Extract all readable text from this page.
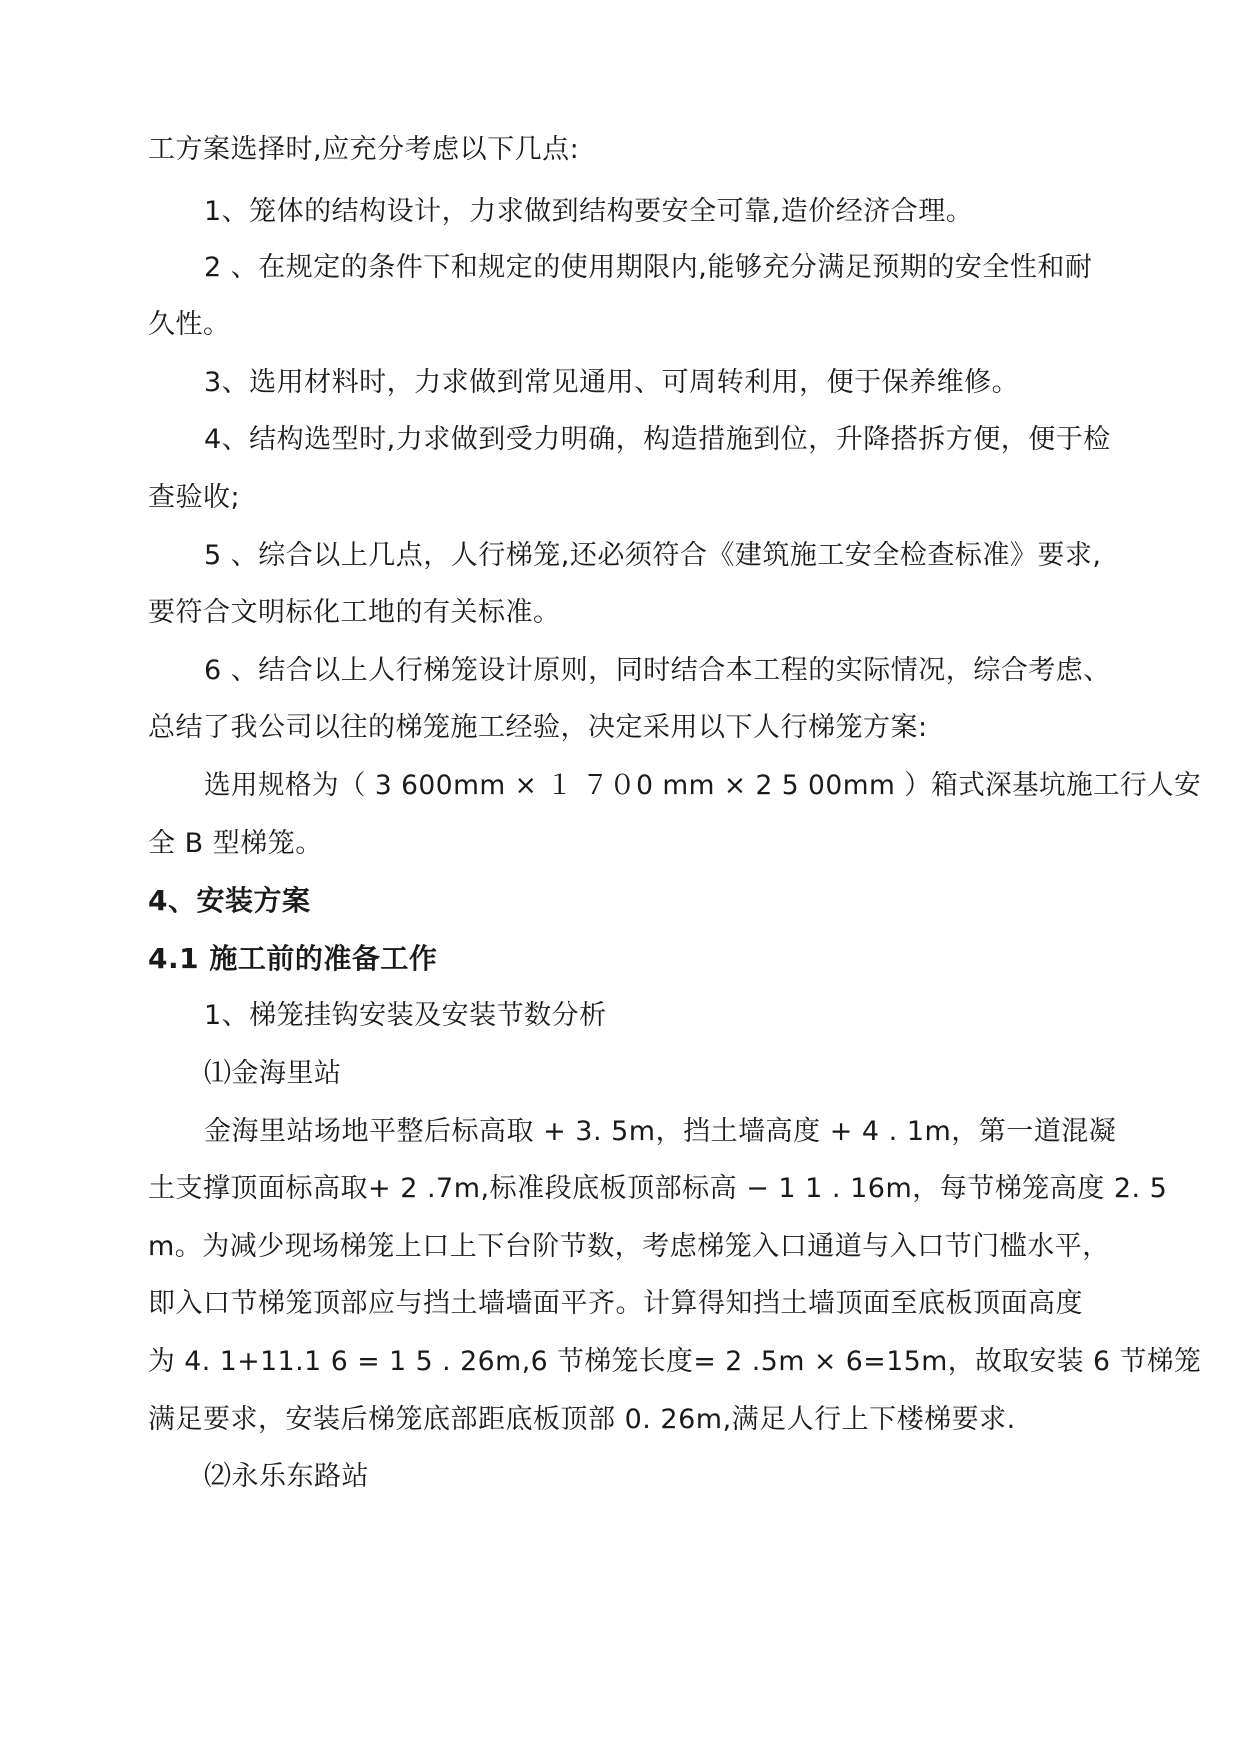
工方案选择时,应充分考虑以下几点:
1、笼体的结构设计，力求做到结构要安全可靠,造价经济合理。
2 、在规定的条件下和规定的使用期限内,能够充分满足预期的安全性和耐
久性。
3、选用材料时，力求做到常见通用、可周转利用，便于保养维修。
4、结构选型时,力求做到受力明确，构造措施到位，升降搭拆方便，便于检
查验收;
5 、综合以上几点，人行梯笼,还必须符合《建筑施工安全检查标准》要求,
要符合文明标化工地的有关标准。
6 、结合以上人行梯笼设计原则，同时结合本工程的实际情况，综合考虑、
总结了我公司以往的梯笼施工经验，决定采用以下人行梯笼方案:
选用规格为（ 3 600mm × １ ７０0 mm × 2 5 00mm ）箱式深基坑施工行人安
全 B 型梯笼。
4、安装方案
4.1 施工前的准备工作
1、梯笼挂钩安装及安装节数分析
⑴金海里站
金海里站场地平整后标高取 + 3. 5m，挡土墙高度 + 4 . 1m，第一道混凝
土支撑顶面标高取+ 2 .7m,标准段底板顶部标高 − 1 1 . 16m，每节梯笼高度 2. 5
m。为减少现场梯笼上口上下台阶节数，考虑梯笼入口通道与入口节门槛水平，
即入口节梯笼顶部应与挡土墙墙面平齐。计算得知挡土墙顶面至底板顶面高度
为 4. 1+11.1 6 = 1 5 . 26m,6 节梯笼长度= 2 .5m × 6=15m，故取安装 6 节梯笼
满足要求，安装后梯笼底部距底板顶部 0. 26m,满足人行上下楼梯要求.
⑵永乐东路站
